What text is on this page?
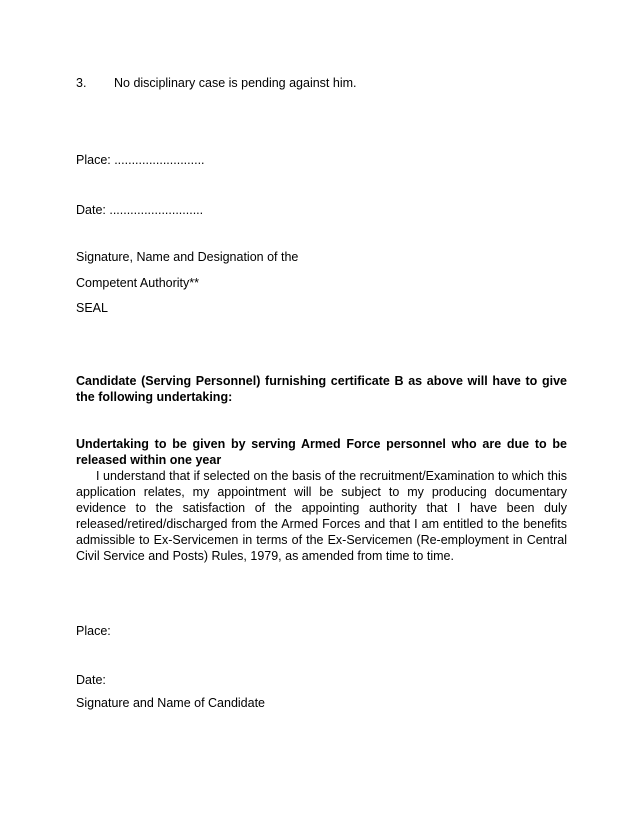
3. No disciplinary case is pending against him.
Place: ..........................
Date: ...........................
Signature, Name and Designation of the
Competent Authority**
SEAL
Candidate (Serving Personnel) furnishing certificate B as above will have to give the following undertaking:
Undertaking to be given by serving Armed Force personnel who are due to be released within one year
I understand that if selected on the basis of the recruitment/Examination to which this application relates, my appointment will be subject to my producing documentary evidence to the satisfaction of the appointing authority that I have been duly released/retired/discharged from the Armed Forces and that I am entitled to the benefits admissible to Ex-Servicemen in terms of the Ex-Servicemen (Re-employment in Central Civil Service and Posts) Rules, 1979, as amended from time to time.
Place:
Date:
Signature and Name of Candidate
